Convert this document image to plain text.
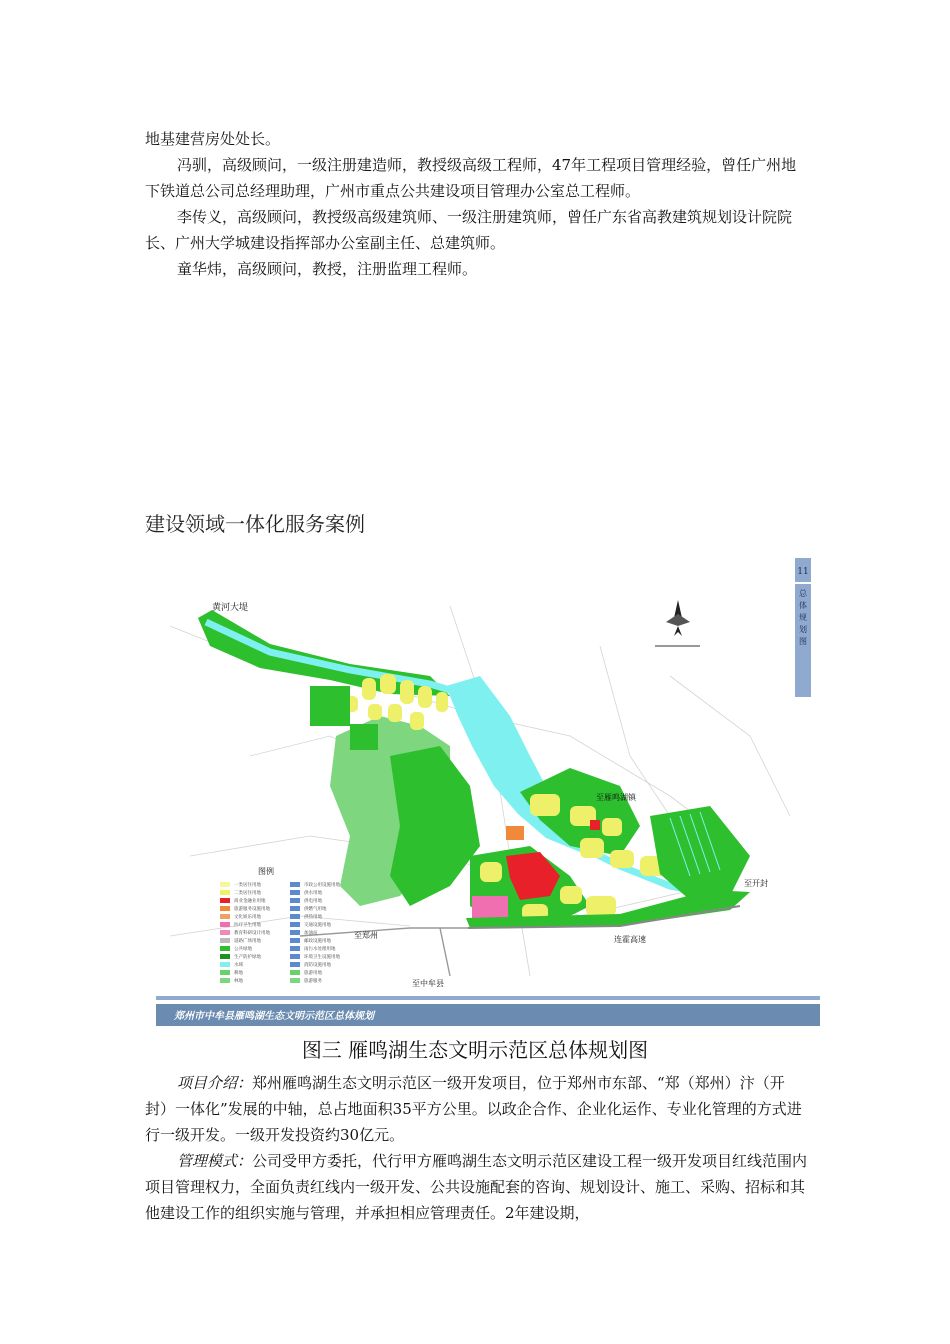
地基建营房处处长。

冯驯，高级顾问，一级注册建造师，教授级高级工程师，47年工程项目管理经验，曾任广州地下铁道总公司总经理助理，广州市重点公共建设项目管理办公室总工程师。

李传义，高级顾问，教授级高级建筑师、一级注册建筑师，曾任广东省高教建筑规划设计院院长、广州大学城建设指挥部办公室副主任、总建筑师。

童华炜，高级顾问，教授，注册监理工程师。

建设领域一体化服务案例
11
总体规划图
黄河大堤
至雁鸣湖镇
至开封
至郑州
至中牟县
连霍高速
图例
一类居住用地
二类居住用地
商业金融业用地
旅游服务设施用地
文化娱乐用地
医疗卫生用地
教育科研设计用地
道路广场用地
公共绿地
生产防护绿地
水域
耕地
林地
市政公用设施用地
供水用地
供电用地
供燃气用地
供热用地
交通设施用地
加油站
邮政设施用地
雨污水处理用地
环境卫生设施用地
消防设施用地
旅游用地
旅游服务
郑州市中牟县雁鸣湖生态文明示范区总体规划
图三 雁鸣湖生态文明示范区总体规划图

项目介绍：郑州雁鸣湖生态文明示范区一级开发项目，位于郑州市东部、“郑（郑州）汴（开 封）一体化”发展的中轴，总占地面积35平方公里。以政企合作、企业化运作、专业化管理的方式进行一级开发。一级开发投资约30亿元。

管理模式：公司受甲方委托，代行甲方雁鸣湖生态文明示范区建设工程一级开发项目红线范围内项目管理权力，全面负责红线内一级开发、公共设施配套的咨询、规划设计、施工、采购、招标和其他建设工作的组织实施与管理，并承担相应管理责任。2年建设期，
